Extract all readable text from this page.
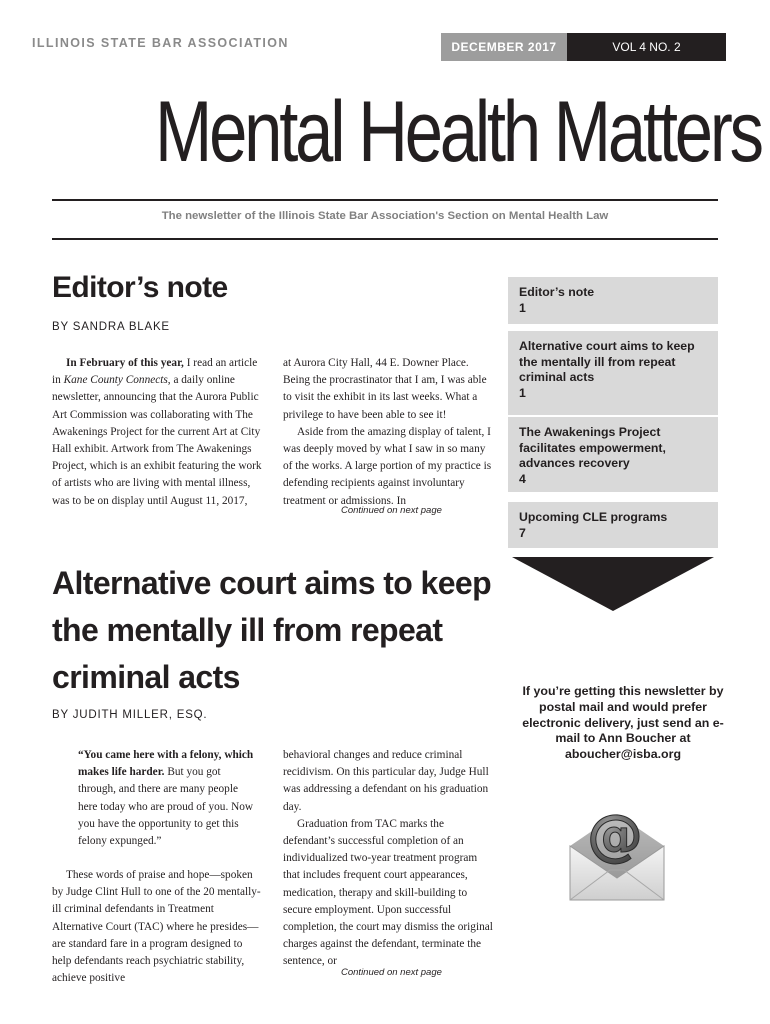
ILLINOIS STATE BAR ASSOCIATION	DECEMBER 2017	VOL 4 NO. 2
Mental Health Matters
The newsletter of the Illinois State Bar Association's Section on Mental Health Law
Editor’s note
BY SANDRA BLAKE

In February of this year, I read an article in Kane County Connects, a daily online newsletter, announcing that the Aurora Public Art Commission was collaborating with The Awakenings Project for the current Art at City Hall exhibit. Artwork from The Awakenings Project, which is an exhibit featuring the work of artists who are living with mental illness, was to be on display until August 11, 2017,

at Aurora City Hall, 44 E. Downer Place. Being the procrastinator that I am, I was able to visit the exhibit in its last weeks. What a privilege to have been able to see it!

Aside from the amazing display of talent, I was deeply moved by what I saw in so many of the works. A large portion of my practice is defending recipients against involuntary treatment or admissions. In

Continued on next page
Alternative court aims to keep the mentally ill from repeat criminal acts
BY JUDITH MILLER, ESQ.

“You came here with a felony, which makes life harder. But you got through, and there are many people here today who are proud of you. Now you have the opportunity to get this felony expunged.”

These words of praise and hope—spoken by Judge Clint Hull to one of the 20 mentally-ill criminal defendants in Treatment Alternative Court (TAC) where he presides—are standard fare in a program designed to help defendants reach psychiatric stability, achieve positive

behavioral changes and reduce criminal recidivism. On this particular day, Judge Hull was addressing a defendant on his graduation day.

Graduation from TAC marks the defendant’s successful completion of an individualized two-year treatment program that includes frequent court appearances, medication, therapy and skill-building to secure employment. Upon successful completion, the court may dismiss the original charges against the defendant, terminate the sentence, or

Continued on next page
Editor’s note
1
Alternative court aims to keep the mentally ill from repeat criminal acts
1
The Awakenings Project facilitates empowerment, advances recovery
4
Upcoming CLE programs
7
If you’re getting this newsletter by postal mail and would prefer electronic delivery, just send an e-mail to Ann Boucher at aboucher@isba.org
@
